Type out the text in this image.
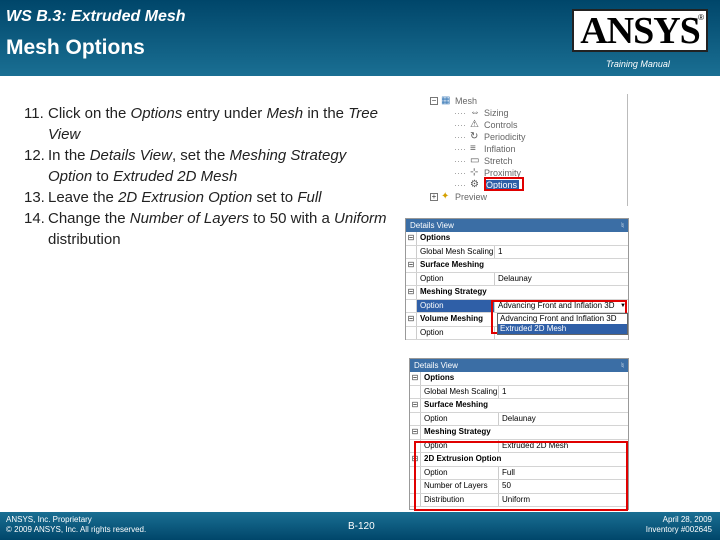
WS B.3: Extruded Mesh
Mesh Options	ANSYS
®
Training Manual
11. Click on the Options entry under Mesh in the Tree View
12. In the Details View, set the Meshing Strategy Option to Extruded 2D Mesh
13. Leave the 2D Extrusion Option set to Full
14. Change the Number of Layers to 50 with a Uniform distribution
− ▦ Mesh
···· ⇔ Sizing
···· ⚠ Controls
···· ↻ Periodicity
···· ≡ Inflation
···· ▭ Stretch
···· ⊹ Proximity
···· ⚙ Options
+ ✦ Preview
Details View	♮
⊟ Options
Global Mesh Scaling 1
⊟ Surface Meshing
Option	Delaunay
⊟ Meshing Strategy
Option	Advancing Front and Inflation 3D ▼
Advancing Front and Inflation 3D
Extruded 2D Mesh
⊟ Volume Meshing
Option
Details View	♮
⊟ Options
Global Mesh Scaling 1
⊟ Surface Meshing
Option	Delaunay
⊟ Meshing Strategy
Option	Extruded 2D Mesh
⊟ 2D Extrusion Option
Option	Full
Number of Layers	50
Distribution	Uniform
ANSYS, Inc. Proprietary
© 2009 ANSYS, Inc. All rights reserved.	B-120
April 28, 2009
Inventory #002645
